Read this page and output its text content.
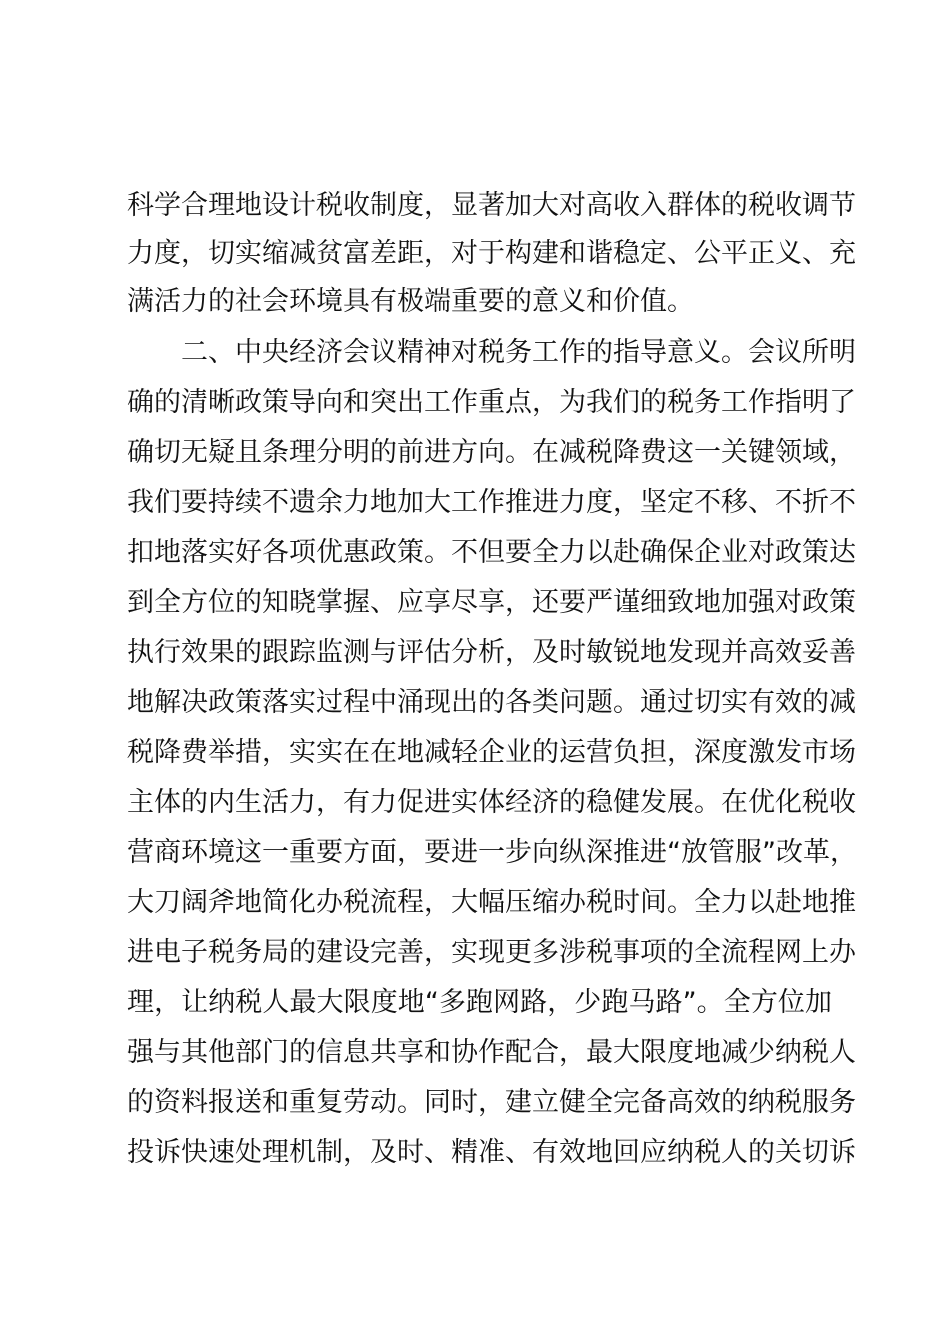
科学合理地设计税收制度，显著加大对高收入群体的税收调节
力度，切实缩减贫富差距，对于构建和谐稳定、公平正义、充
满活力的社会环境具有极端重要的意义和价值。
二、中央经济会议精神对税务工作的指导意义。会议所明
确的清晰政策导向和突出工作重点，为我们的税务工作指明了
确切无疑且条理分明的前进方向。在减税降费这一关键领域，
我们要持续不遗余力地加大工作推进力度，坚定不移、不折不
扣地落实好各项优惠政策。不但要全力以赴确保企业对政策达
到全方位的知晓掌握、应享尽享，还要严谨细致地加强对政策
执行效果的跟踪监测与评估分析，及时敏锐地发现并高效妥善
地解决政策落实过程中涌现出的各类问题。通过切实有效的减
税降费举措，实实在在地减轻企业的运营负担，深度激发市场
主体的内生活力，有力促进实体经济的稳健发展。在优化税收
营商环境这一重要方面，要进一步向纵深推进“放管服”改革，
大刀阔斧地简化办税流程，大幅压缩办税时间。全力以赴地推
进电子税务局的建设完善，实现更多涉税事项的全流程网上办
理，让纳税人最大限度地“多跑网路，少跑马路”。全方位加
强与其他部门的信息共享和协作配合，最大限度地减少纳税人
的资料报送和重复劳动。同时，建立健全完备高效的纳税服务
投诉快速处理机制，及时、精准、有效地回应纳税人的关切诉
